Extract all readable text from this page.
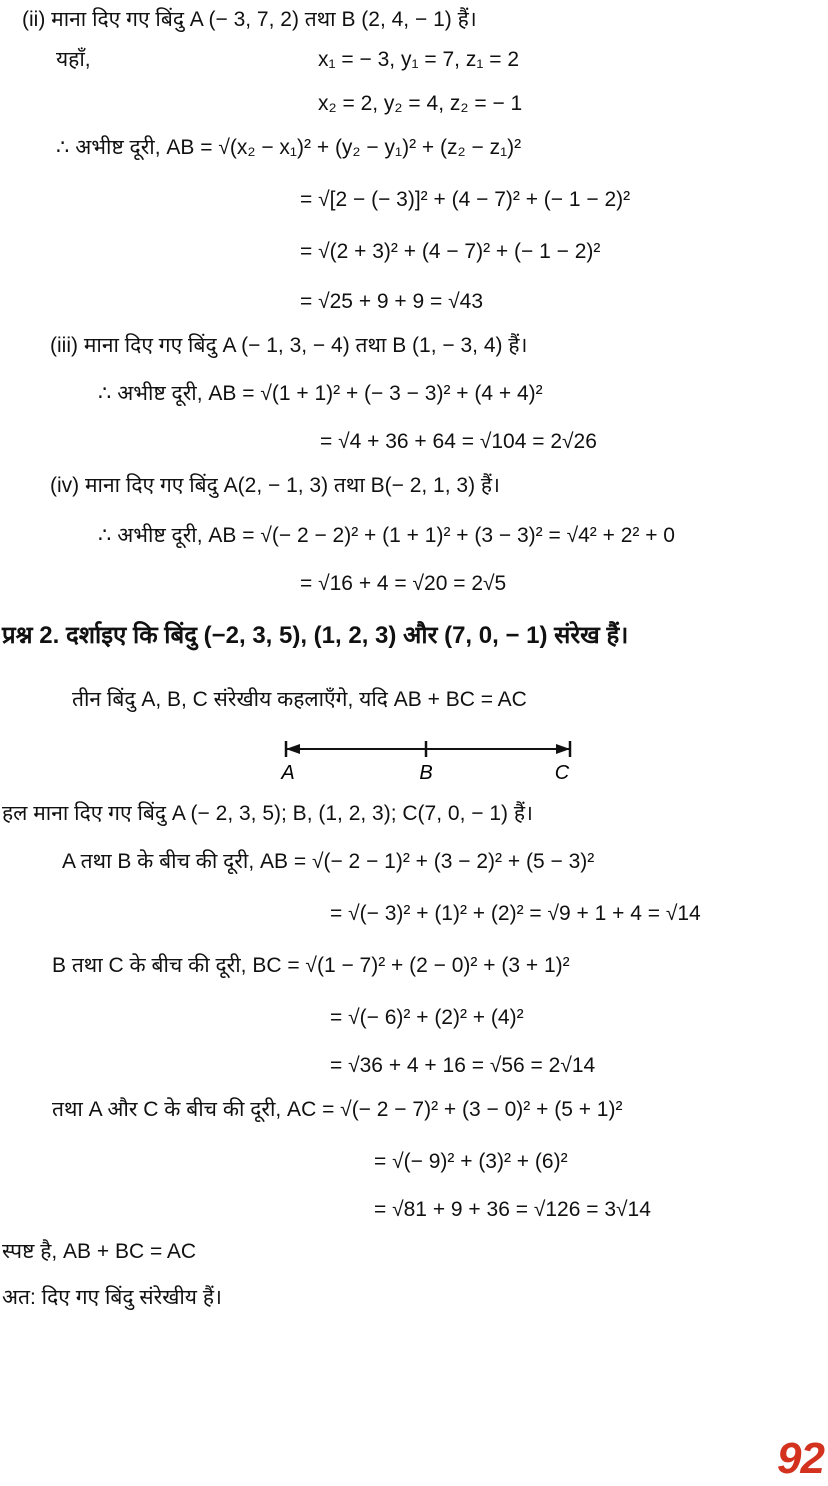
(ii) माना दिए गए बिंदु A (− 3, 7, 2) तथा B (2, 4, − 1) हैं।
यहाँ,	x₁ = − 3, y₁ = 7, z₁ = 2
x₂ = 2, y₂ = 4, z₂ = − 1
∴ अभीष्ट दूरी, AB = √(x₂ − x₁)² + (y₂ − y₁)² + (z₂ − z₁)²
= √[2 − (− 3)]² + (4 − 7)² + (− 1 − 2)²
= √(2 + 3)² + (4 − 7)² + (− 1 − 2)²
= √25 + 9 + 9 = √43
(iii) माना दिए गए बिंदु A (− 1, 3, − 4) तथा B (1, − 3, 4) हैं।
∴ अभीष्ट दूरी, AB = √(1 + 1)² + (− 3 − 3)² + (4 + 4)²
= √4 + 36 + 64 = √104 = 2√26
(iv) माना दिए गए बिंदु A(2, − 1, 3) तथा B(− 2, 1, 3) हैं।
∴ अभीष्ट दूरी, AB = √(− 2 − 2)² + (1 + 1)² + (3 − 3)² = √4² + 2² + 0
= √16 + 4 = √20 = 2√5
प्रश्न 2. दर्शाइए कि बिंदु (−2, 3, 5), (1, 2, 3) और (7, 0, − 1) संरेख हैं।
तीन बिंदु A, B, C संरेखीय कहलाएँगे, यदि AB + BC = AC
हल माना दिए गए बिंदु A (− 2, 3, 5); B, (1, 2, 3); C(7, 0, − 1) हैं।
A तथा B के बीच की दूरी, AB = √(− 2 − 1)² + (3 − 2)² + (5 − 3)²
= √(− 3)² + (1)² + (2)² = √9 + 1 + 4 = √14
B तथा C के बीच की दूरी, BC = √(1 − 7)² + (2 − 0)² + (3 + 1)²
= √(− 6)² + (2)² + (4)²
= √36 + 4 + 16 = √56 = 2√14
तथा A और C के बीच की दूरी, AC = √(− 2 − 7)² + (3 − 0)² + (5 + 1)²
= √(− 9)² + (3)² + (6)²
= √81 + 9 + 36 = √126 = 3√14
स्पष्ट है, AB + BC = AC
अत: दिए गए बिंदु संरेखीय हैं।
A	B	C
92
